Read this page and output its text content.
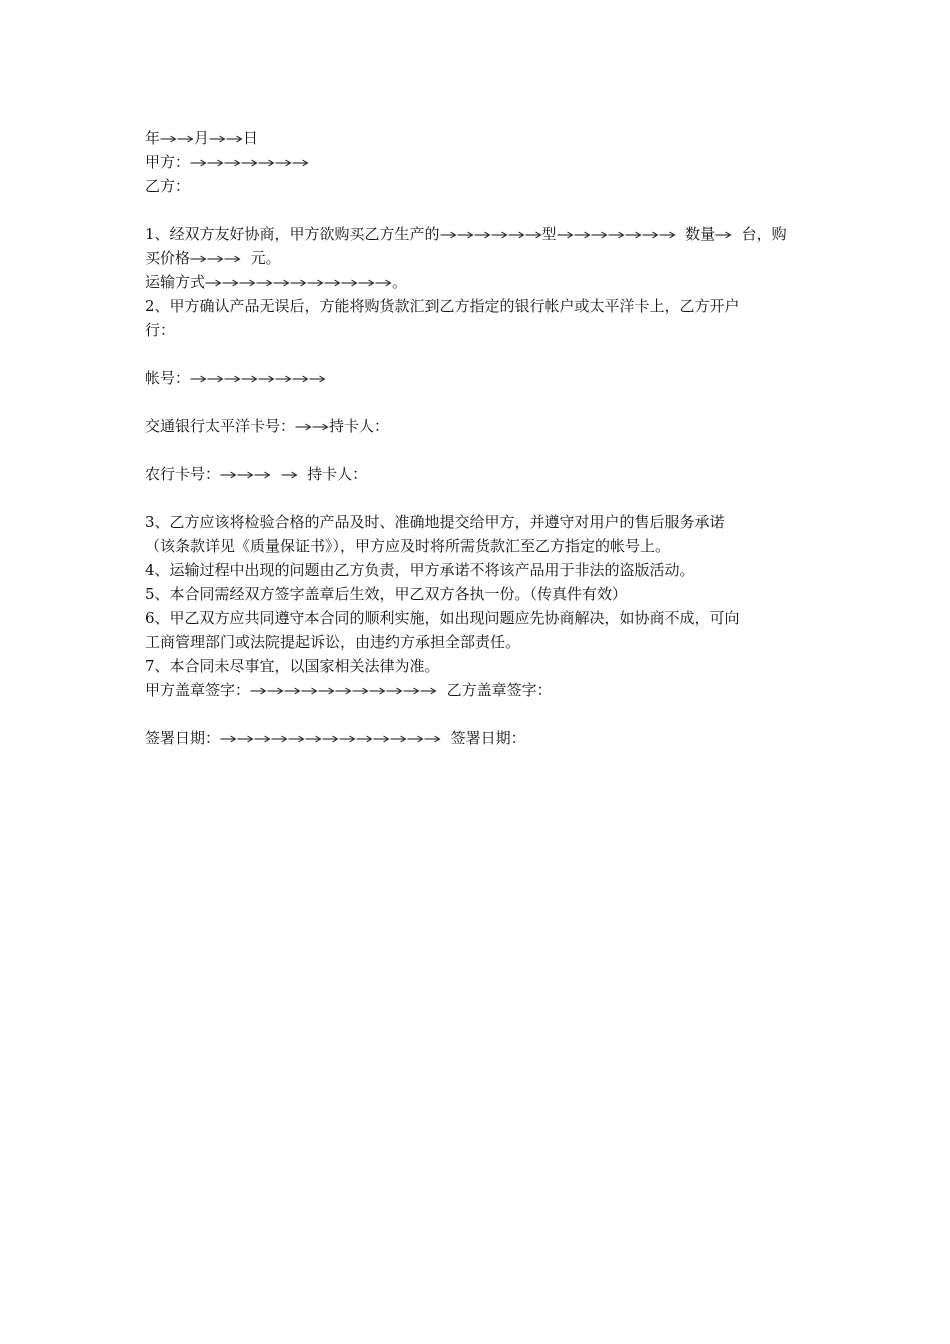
年 月 日
甲方：
乙方：
1、经双方友好协商，甲方欲购买乙方生产的	型	数量 台，购
买价格	元。
运输方式	。
2、甲方确认产品无误后，方能将购货款汇到乙方指定的银行帐户或太平洋卡上，乙方开户
行：
帐号：
交通银行太平洋卡号： 持卡人：
农行卡号：
	持卡人：
3、乙方应该将检验合格的产品及时、准确地提交给甲方，并遵守对用户的售后服务承诺
（该条款详见《质量保证书》），甲方应及时将所需货款汇至乙方指定的帐号上。
4、运输过程中出现的问题由乙方负责，甲方承诺不将该产品用于非法的盗版活动。
5、本合同需经双方签字盖章后生效，甲乙双方各执一份。（传真件有效）
6、甲乙双方应共同遵守本合同的顺利实施，如出现问题应先协商解决，如协商不成，可向
工商管理部门或法院提起诉讼，由违约方承担全部责任。
7、本合同未尽事宜，以国家相关法律为准。
甲方盖章签字：	乙方盖章签字：
签署日期：	签署日期：
